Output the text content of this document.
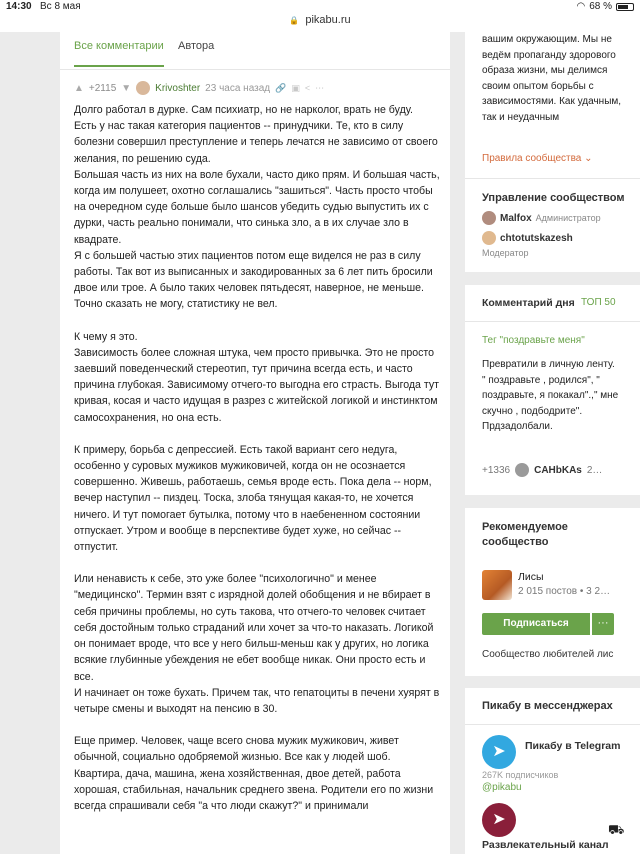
14:30 Вс 8 мая	◠ 68 %
🔒 pikabu.ru
Все комментарии Автора
▲ +2115 ▼ Krivoshter 23 часа назад 🔗 ▣ < ⋯

Долго работал в дурке. Сам психиатр, но не нарколог, врать не буду.
Есть у нас такая категория пациентов -- принудчики. Те, кто в силу болезни совершил преступление и теперь лечатся не зависимо от своего желания, по решению суда.
Большая часть из них на воле бухали, часто дико прям. И большая часть, когда им полушеет, охотно соглашались "зашиться". Часть просто чтобы на очередном суде больше было шансов убедить судью выпустить их с дурки, часть реально понимали, что синька зло, а в их случае зло в квадрате.
Я с большей частью этих пациентов потом еще виделся не раз в силу работы. Так вот из выписанных и закодированных за 6 лет пить бросили двое или трое. А было таких человек пятьдесят, наверное, не меньше. Точно сказать не могу, статистику не вел.

К чему я это.
Зависимость более сложная штука, чем просто привычка. Это не просто заевший поведенческий стереотип, тут причина всегда есть, и часто причина глубокая. Зависимому отчего-то выгодна его страсть. Выгода тут кривая, косая и часто идущая в разрез с житейской логикой и инстинктом самосохранения, но она есть.

К примеру, борьба с депрессией. Есть такой вариант сего недуга, особенно у суровых мужиков мужиковичей, когда он не осознается совершенно. Живешь, работаешь, семья вроде есть. Пока дела -- норм, вечер наступил -- пиздец. Тоска, злоба тянущая какая-то, не хочется ничего. И тут помогает бутылка, потому что в наебененном состоянии отпускает. Утром и вообще в перспективе будет хуже, но сейчас -- отпустит.

Или ненависть к себе, это уже более "психологично" и менее "медицинско". Термин взят с изрядной долей обобщения и не вбирает в себя причины проблемы, но суть такова, что отчего-то человек считает себя достойным только страданий или хочет за что-то наказать. Логикой он понимает вроде, что все у него бильш-меньш как у других, но логика всякие глубинные убеждения не ебет вообще никак. Они просто есть и все.
И начинает он тоже бухать. Причем так, что гепатоциты в печени хуярят в четыре смены и выходят на пенсию в 30.

Еще пример. Человек, чаще всего снова мужик мужикович, живет обычной, социально одобряемой жизнью. Все как у людей шоб. Квартира, дача, машина, жена хозяйственная, двое детей, работа хорошая, стабильная, начальник среднего звена. Родители его по жизни всегда спрашивали себя "а что люди скажут?" и принимали

вашим окружающим. Мы не ведём пропаганду здорового образа жизни, мы делимся своим опытом борьбы с зависимостями. Как удачным, так и неудачным
Правила сообщества ⌄
Управление сообществом
Malfox Администратор
chtotutskazesh
Модератор
Комментарий дня ТОП 50
Тег "поздравьте меня"
Превратили в личную ленту.
" поздравьте , родился", " поздравьте, я покакал".," мне скучно , подбодрите".
Прдзадолбали.
+1336 CAHbKAs 2…
Рекомендуемое сообщество
Лисы
2 015 постов • 3 2…
Подписаться	···
Сообщество любителей лис
Пикабу в мессенджерах
➤	Пикабу в Telegram
267K подписчиков
@pikabu
➤
Развлекательный канал
⛟
